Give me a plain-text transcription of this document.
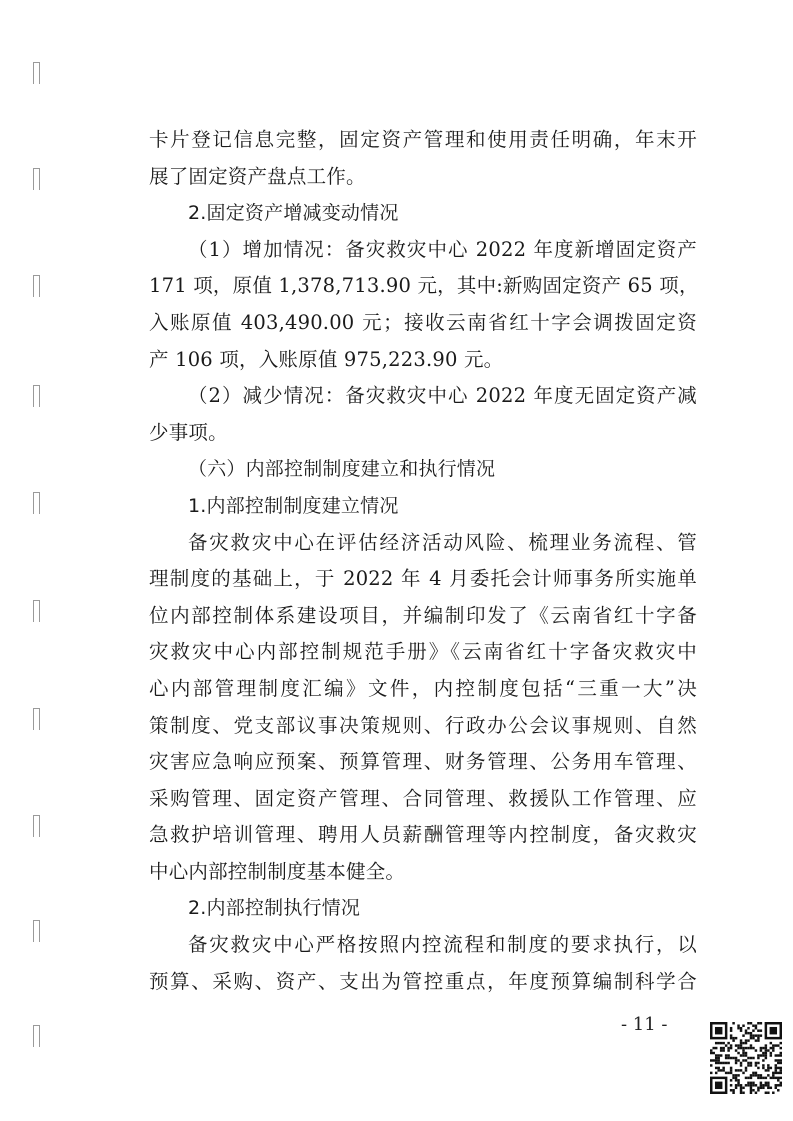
卡片登记信息完整，固定资产管理和使用责任明确，年末开
展了固定资产盘点工作。
2.固定资产增减变动情况
（1）增加情况：备灾救灾中心 2022 年度新增固定资产
171 项，原值 1,378,713.90 元，其中:新购固定资产 65 项，
入账原值 403,490.00 元；接收云南省红十字会调拨固定资
产 106 项，入账原值 975,223.90 元。
（2）减少情况：备灾救灾中心 2022 年度无固定资产减
少事项。
（六）内部控制制度建立和执行情况
1.内部控制制度建立情况
备灾救灾中心在评估经济活动风险、梳理业务流程、管
理制度的基础上，于 2022 年 4 月委托会计师事务所实施单
位内部控制体系建设项目，并编制印发了《云南省红十字备
灾救灾中心内部控制规范手册》《云南省红十字备灾救灾中
心内部管理制度汇编》文件，内控制度包括“三重一大”决
策制度、党支部议事决策规则、行政办公会议事规则、自然
灾害应急响应预案、预算管理、财务管理、公务用车管理、
采购管理、固定资产管理、合同管理、救援队工作管理、应
急救护培训管理、聘用人员薪酬管理等内控制度，备灾救灾
中心内部控制制度基本健全。
2.内部控制执行情况
备灾救灾中心严格按照内控流程和制度的要求执行，以
预算、采购、资产、支出为管控重点，年度预算编制科学合
- 11 -
